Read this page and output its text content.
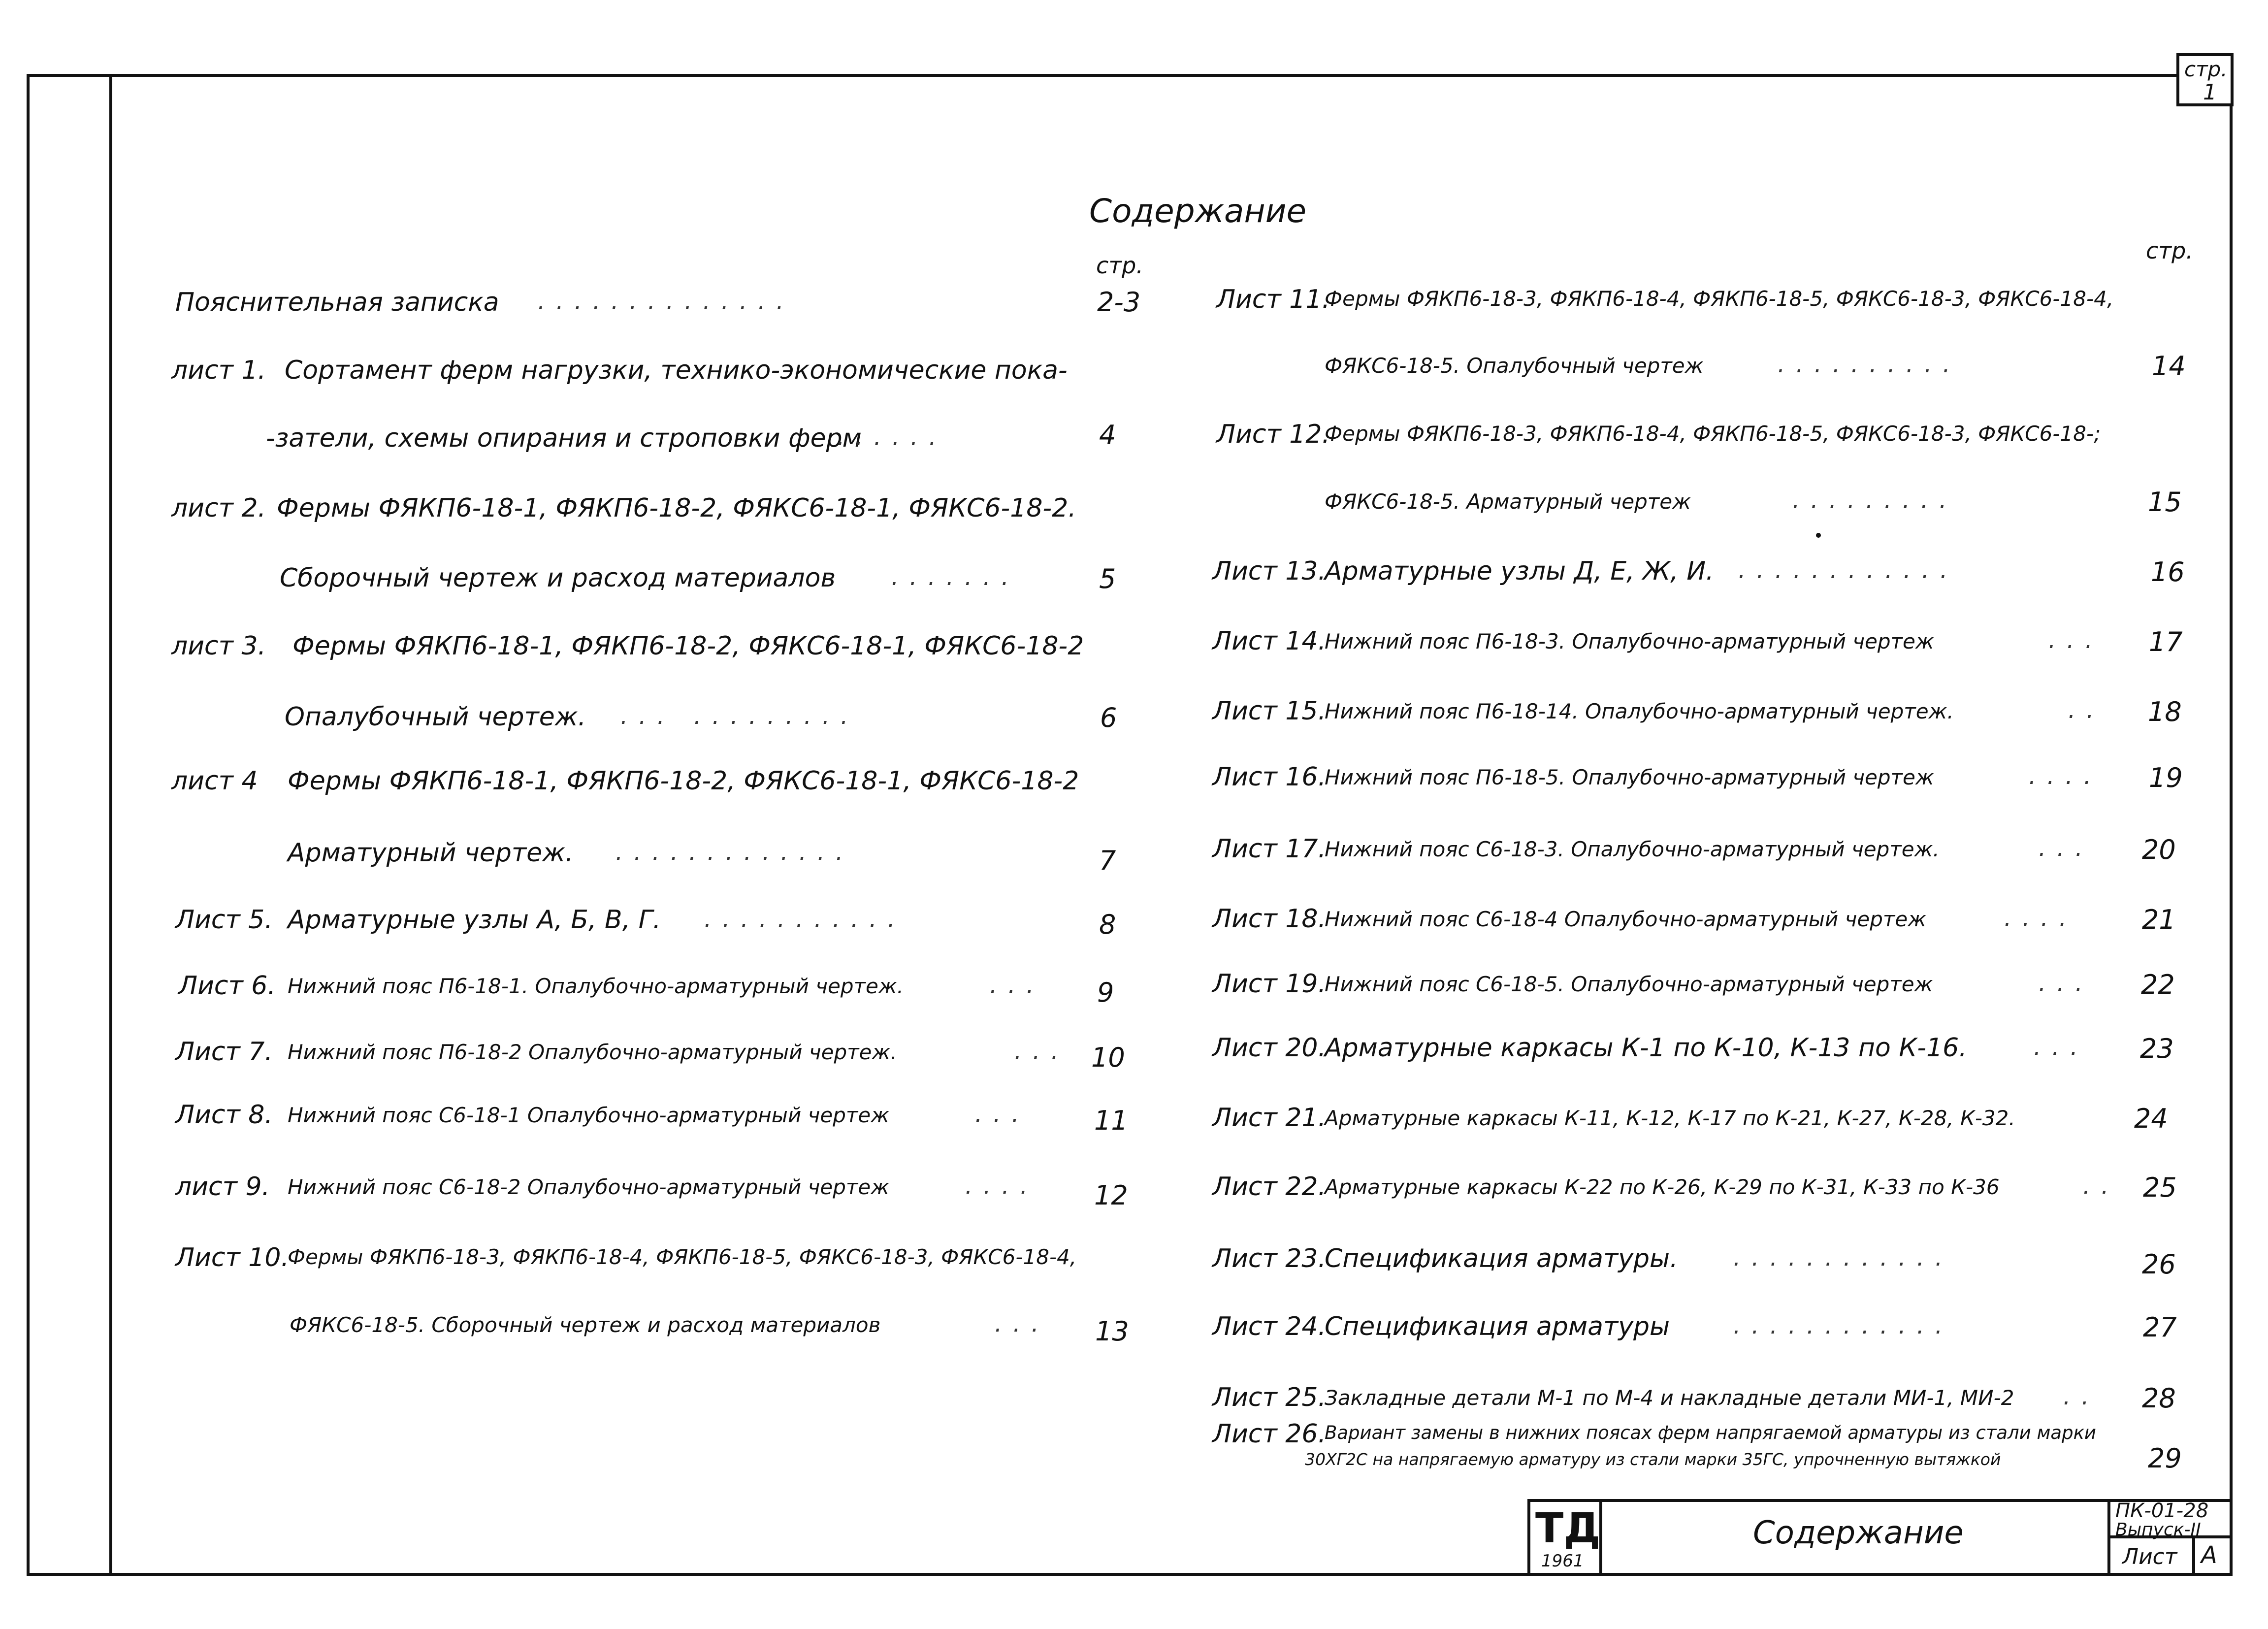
стр.
1
Содержание
стр.
стр.
Пояснительная записка ..............	2-3
лист 1. Сортамент ферм нагрузки, технико-экономические пока-
-затели, схемы опирания и строповки ферм
......	4
лист 2. Фермы ФЯКП6-18-1, ФЯКП6-18-2, ФЯКС6-18-1, ФЯКС6-18-2.
Сборочный чертеж и расход материалов .......	5
лист 3. Фермы ФЯКП6-18-1, ФЯКП6-18-2, ФЯКС6-18-1, ФЯКС6-18-2
Опалубочный чертеж. ... .........	6
лист 4 Фермы ФЯКП6-18-1, ФЯКП6-18-2, ФЯКС6-18-1, ФЯКС6-18-2
Арматурный чертеж. .............	7
Лист 5. Арматурные узлы А, Б, В, Г. ...........	8
Лист 6. Нижний пояс П6-18-1. Опалубочно-арматурный чертеж.	... 9
Лист 7. Нижний пояс П6-18-2 Опалубочно-арматурный чертеж.	... 10
Лист 8. Нижний пояс С6-18-1 Опалубочно-арматурный чертеж	... 11
лист 9. Нижний пояс С6-18-2 Опалубочно-арматурный чертеж	.... 12
Лист 10.
Фермы ФЯКП6-18-3, ФЯКП6-18-4, ФЯКП6-18-5, ФЯКС6-18-3, ФЯКС6-18-4,
ФЯКС6-18-5. Сборочный чертеж и расход материалов	... 13
Лист 11.
Фермы ФЯКП6-18-3, ФЯКП6-18-4, ФЯКП6-18-5, ФЯКС6-18-3, ФЯКС6-18-4,
ФЯКС6-18-5. Опалубочный чертеж	..........	14
Лист 12.
Фермы ФЯКП6-18-3, ФЯКП6-18-4, ФЯКП6-18-5, ФЯКС6-18-3, ФЯКС6-18-;
ФЯКС6-18-5. Арматурный чертеж	.........	15
Лист 13.
Арматурные узлы Д, Е, Ж, И. ............	16
Лист 14.
Нижний пояс П6-18-3. Опалубочно-арматурный чертеж	... 17
Лист 15.
Нижний пояс П6-18-14. Опалубочно-арматурный чертеж.	.. 18
Лист 16.
Нижний пояс П6-18-5. Опалубочно-арматурный чертеж	.... 19
Лист 17.
Нижний пояс С6-18-3. Опалубочно-арматурный чертеж.	... 20
Лист 18.
Нижний пояс С6-18-4 Опалубочно-арматурный чертеж	.... 21
Лист 19.
Нижний пояс С6-18-5. Опалубочно-арматурный чертеж	... 22
Лист 20.
Арматурные каркасы К-1 по К-10, К-13 по К-16.	... 23
Лист 21.
Арматурные каркасы К-11, К-12, К-17 по К-21, К-27, К-28, К-32.	24
Лист 22.
Арматурные каркасы К-22 по К-26, К-29 по К-31, К-33 по К-36	.. 25
Лист 23.
Спецификация арматуры. ............	26
Лист 24.
Спецификация арматуры	............	27
Лист 25.
Закладные детали М-1 по М-4 и накладные детали МИ-1, МИ-2 .. 28
Лист 26.
Вариант замены в нижних поясах ферм напрягаемой арматуры из стали марки
30ХГ2С на напрягаемую арматуру из стали марки 35ГС, упрочненную вытяжкой	29
ТД
1961
Содержание
ПК-01-28
Выпуск-II
Лист А
